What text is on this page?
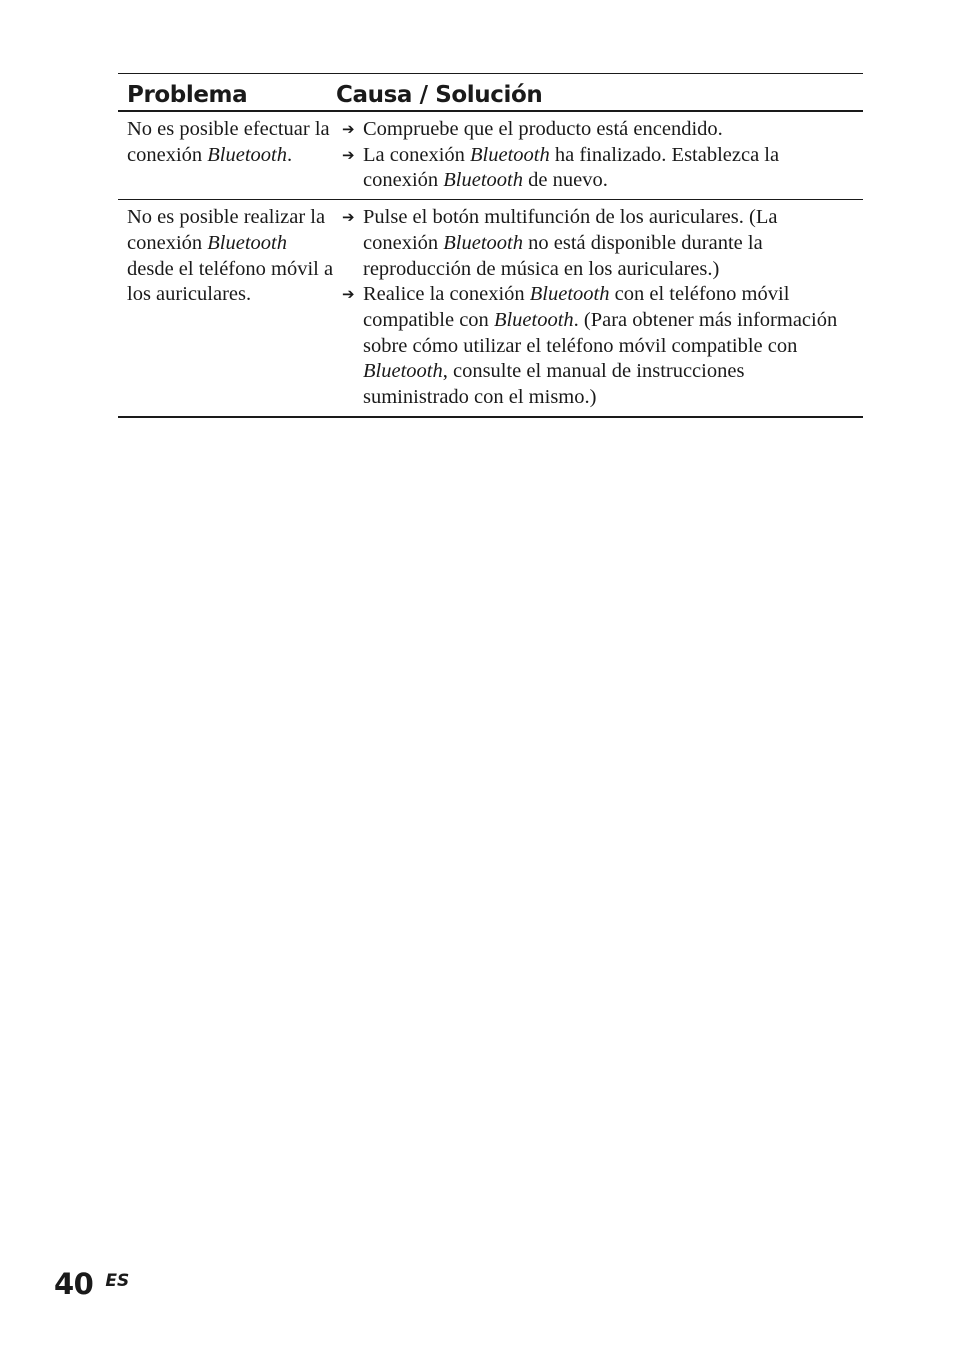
Problema	Causa / Solución
No es posible efectuar la conexión Bluetooth.
➔ Compruebe que el producto está encendido.
➔ La conexión Bluetooth ha finalizado. Establezca la conexión Bluetooth de nuevo.
No es posible realizar la conexión Bluetooth desde el teléfono móvil a los auriculares.
➔ Pulse el botón multifunción de los auriculares. (La conexión Bluetooth no está disponible durante la reproducción de música en los auriculares.)
➔ Realice la conexión Bluetooth con el teléfono móvil compatible con Bluetooth. (Para obtener más información sobre cómo utilizar el teléfono móvil compatible con Bluetooth, consulte el manual de instrucciones suministrado con el mismo.)
40 ES
